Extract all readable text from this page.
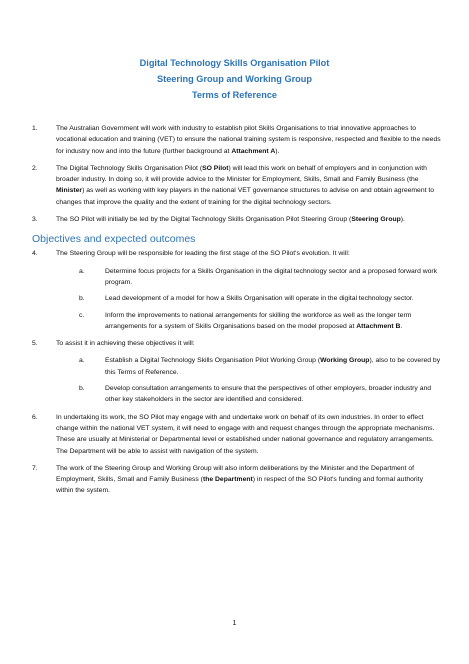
Digital Technology Skills Organisation Pilot
Steering Group and Working Group
Terms of Reference
1.	The Australian Government will work with industry to establish pilot Skills Organisations to trial innovative approaches to vocational education and training (VET) to ensure the national training system is responsive, respected and flexible to the needs for industry now and into the future (further background at Attachment A).
2.	The Digital Technology Skills Organisation Pilot (SO Pilot) will lead this work on behalf of employers and in conjunction with broader industry. In doing so, it will provide advice to the Minister for Employment, Skills, Small and Family Business (the Minister) as well as working with key players in the national VET governance structures to advise on and obtain agreement to changes that improve the quality and the extent of training for the digital technology sectors.
3.	The SO Pilot will initially be led by the Digital Technology Skills Organisation Pilot Steering Group (Steering Group).
Objectives and expected outcomes
4.	The Steering Group will be responsible for leading the first stage of the SO Pilot's evolution. It will:
a.	Determine focus projects for a Skills Organisation in the digital technology sector and a proposed forward work program.
b.	Lead development of a model for how a Skills Organisation will operate in the digital technology sector.
c.	Inform the improvements to national arrangements for skilling the workforce as well as the longer term arrangements for a system of Skills Organisations based on the model proposed at Attachment B.
5.	To assist it in achieving these objectives it will:
a.	Establish a Digital Technology Skills Organisation Pilot Working Group (Working Group), also to be covered by this Terms of Reference.
b.	Develop consultation arrangements to ensure that the perspectives of other employers, broader industry and other key stakeholders in the sector are identified and considered.
6.	In undertaking its work, the SO Pilot may engage with and undertake work on behalf of its own industries. In order to effect change within the national VET system, it will need to engage with and request changes through the appropriate mechanisms. These are usually at Ministerial or Departmental level or established under national governance and regulatory arrangements. The Department will be able to assist with navigation of the system.
7.	The work of the Steering Group and Working Group will also inform deliberations by the Minister and the Department of Employment, Skills, Small and Family Business (the Department) in respect of the SO Pilot's funding and formal authority within the system.
1
